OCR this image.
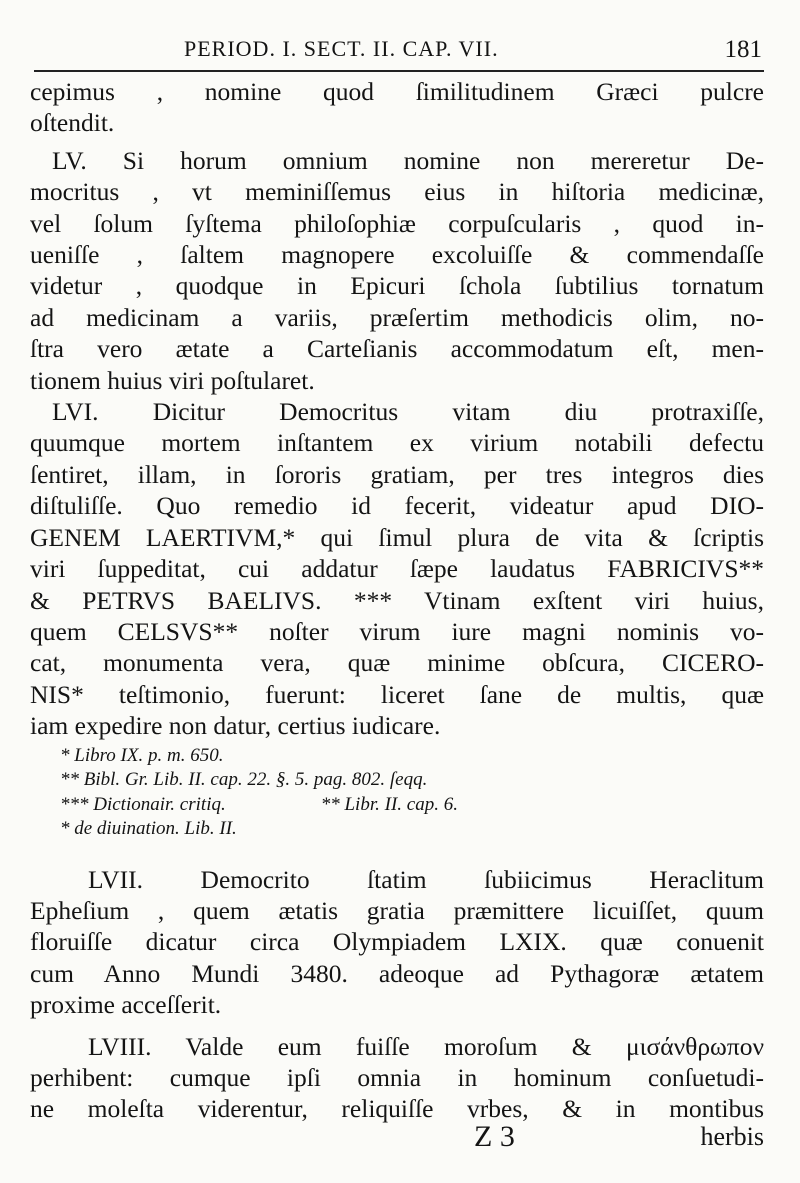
PERIOD. I. SECT. II. CAP. VII.	181

cepimus , nomine quod ſimilitudinem Græci pulcre

oſtendit.

LV. Si horum omnium nomine non mereretur De-

mocritus , vt meminiſſemus eius in hiſtoria medicinæ,

vel ſolum ſyſtema philoſophiæ corpuſcularis , quod in-

ueniſſe , ſaltem magnopere excoluiſſe & commendaſſe

videtur , quodque in Epicuri ſchola ſubtilius tornatum

ad medicinam a variis, præſertim methodicis olim, no-

ſtra vero ætate a Carteſianis accommodatum eſt, men-

tionem huius viri poſtularet.

LVI. Dicitur Democritus vitam diu protraxiſſe,

quumque mortem inſtantem ex virium notabili defectu

ſentiret, illam, in ſororis gratiam, per tres integros dies

diſtuliſſe. Quo remedio id fecerit, videatur apud DIO-

GENEM LAERTIVM,* qui ſimul plura de vita & ſcriptis

viri ſuppeditat, cui addatur ſæpe laudatus FABRICIVS**

& PETRVS BAELIVS. *** Vtinam exſtent viri huius,

quem CELSVS** noſter virum iure magni nominis vo-

cat, monumenta vera, quæ minime obſcura, CICERO-

NIS* teſtimonio, fuerunt: liceret ſane de multis, quæ

iam expedire non datur, certius iudicare.

* Libro IX. p. m. 650.
** Bibl. Gr. Lib. II. cap. 22. §. 5. pag. 802. ſeqq.
*** Dictionair. critiq.	** Libr. II. cap. 6.
* de diuination. Lib. II.

LVII. Democrito ſtatim ſubiicimus Heraclitum

Epheſium , quem ætatis gratia præmittere licuiſſet, quum

floruiſſe dicatur circa Olympiadem LXIX. quæ conuenit

cum Anno Mundi 3480. adeoque ad Pythagoræ ætatem

proxime acceſſerit.

LVIII. Valde eum fuiſſe moroſum & μισάνθρωπον

perhibent: cumque ipſi omnia in hominum conſuetudi-

ne moleſta viderentur, reliquiſſe vrbes, & in montibus

Z 3	herbis
